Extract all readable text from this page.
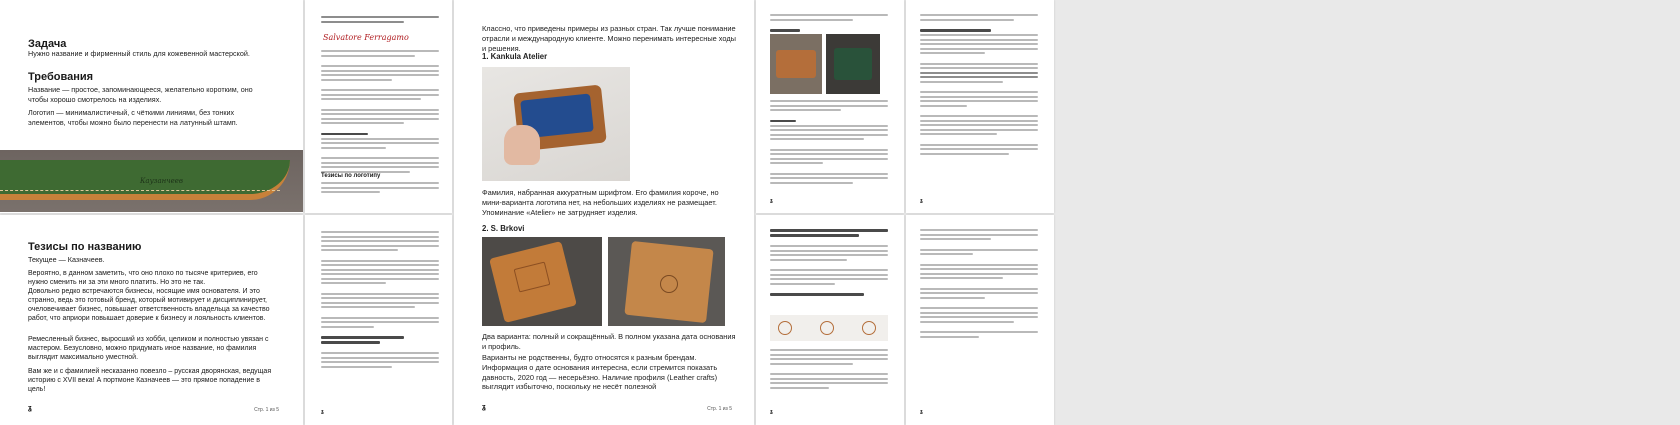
Задача
Нужно название и фирменный стиль для кожевенной мастерской.
Требования
Название — простое, запоминающееся, желательно коротким, оно чтобы хорошо смотрелось на изделиях.
Логотип — минималистичный, с чёткими линиями, без тонких элементов, чтобы можно было перенести на латунный штамп.
Каузанчеев
Salvatore Ferragamo
Тезисы по логотипу
Классно, что приведены примеры из разных стран. Так лучше понимание отрасли и международную клиенте. Можно перенимать интересные ходы и решения.
1. Kankula Atelier
Фамилия, набранная аккуратным шрифтом. Его фамилия короче, но мини-варианта логотипа нет, на небольших изделиях не размещает. Упоминание «Atelier» не затрудняет изделия.
2. S. Brkovi
Два варианта: полный и сокращённый. В полном указана дата основания и профиль.
Варианты не родственны, будто относятся к разным брендам. Информация о дате основания интересна, если стремится показать давность, 2020 год — несерьёзно. Наличие профиля (Leather crafts) выглядит избыточно, поскольку не несёт полезной
ʓ	Стр. 1 из 5
ʓ	ʓ
Тезисы по названию
Текущее — Казначеев.
Вероятно, в данном заметить, что оно плохо по тысяче критериев, его нужно сменить ни за эти много платить. Но это не так.
Довольно редко встречаются бизнесы, носящие имя основателя. И это странно, ведь это готовый бренд, который мотивирует и дисциплинирует, очеловечивает бизнес, повышает ответственность владельца за качество работ, что априори повышает доверие к бизнесу и лояльность клиентов.
Ремесленный бизнес, выросший из хобби, целиком и полностью увязан с мастером. Безусловно, можно придумать иное название, но фамилия выглядит максимально уместной.
Вам же и с фамилией несказанно повезло – русская дворянская, ведущая историю с XVII века! А портмоне Казначеев — это прямое попадение в цель!
ʓ	Стр. 1 из 5	ʓ	ʓ	ʓ
